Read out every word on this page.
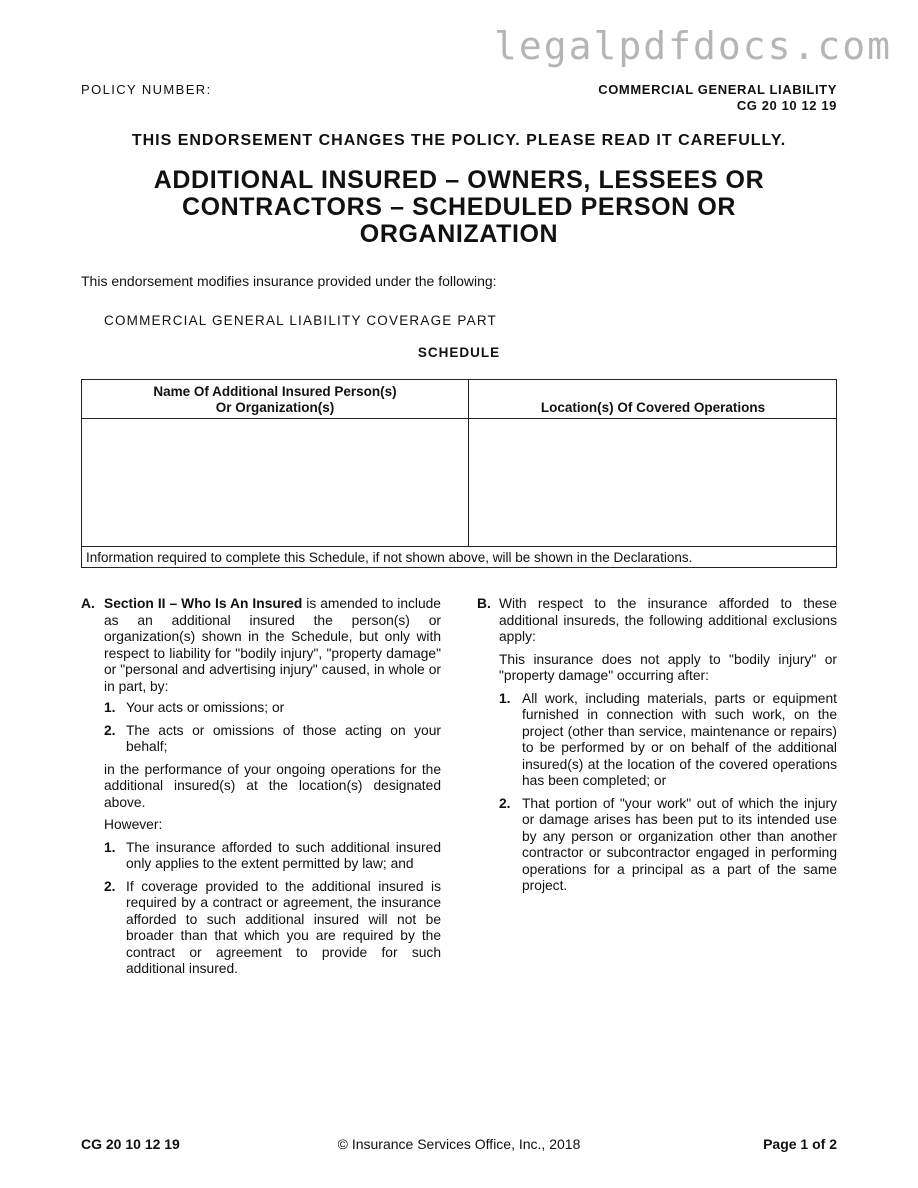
legalpdfdocs.com
POLICY NUMBER:	COMMERCIAL GENERAL LIABILITY
CG 20 10 12 19
THIS ENDORSEMENT CHANGES THE POLICY. PLEASE READ IT CAREFULLY.
ADDITIONAL INSURED – OWNERS, LESSEES OR
CONTRACTORS – SCHEDULED PERSON OR
ORGANIZATION
This endorsement modifies insurance provided under the following:
COMMERCIAL GENERAL LIABILITY COVERAGE PART
SCHEDULE
Name Of Additional Insured Person(s)
Or Organization(s)	Location(s) Of Covered Operations
Information required to complete this Schedule, if not shown above, will be shown in the Declarations.
A. Section II – Who Is An Insured is amended to include as an additional insured the person(s) or organization(s) shown in the Schedule, but only with respect to liability for "bodily injury", "property damage" or "personal and advertising injury" caused, in whole or in part, by:

1. Your acts or omissions; or

2. The acts or omissions of those acting on your behalf;

in the performance of your ongoing operations for the additional insured(s) at the location(s) designated above.

However:

1. The insurance afforded to such additional insured only applies to the extent permitted by law; and

2. If coverage provided to the additional insured is required by a contract or agreement, the insurance afforded to such additional insured will not be broader than that which you are required by the contract or agreement to provide for such additional insured.

B. With respect to the insurance afforded to these additional insureds, the following additional exclusions apply:

This insurance does not apply to "bodily injury" or "property damage" occurring after:

1. All work, including materials, parts or equipment furnished in connection with such work, on the project (other than service, maintenance or repairs) to be performed by or on behalf of the additional insured(s) at the location of the covered operations has been completed; or

2. That portion of "your work" out of which the injury or damage arises has been put to its intended use by any person or organization other than another contractor or subcontractor engaged in performing operations for a principal as a part of the same project.

CG 20 10 12 19	© Insurance Services Office, Inc., 2018	Page 1 of 2
